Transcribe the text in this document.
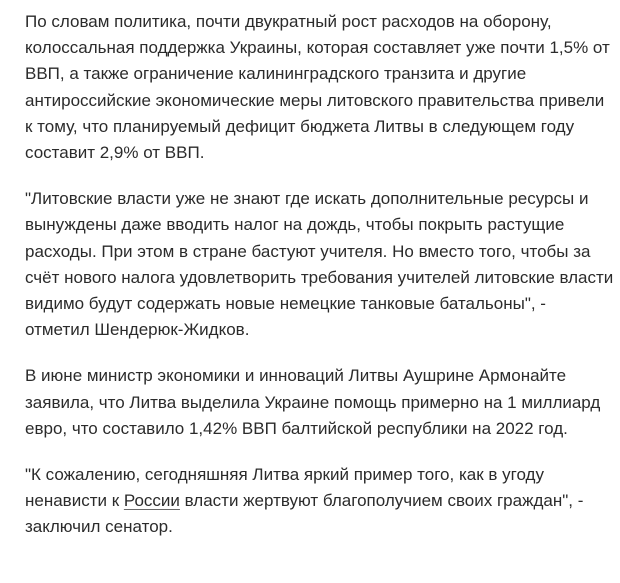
По словам политика, почти двукратный рост расходов на оборону, колоссальная поддержка Украины, которая составляет уже почти 1,5% от ВВП, а также ограничение калининградского транзита и другие антироссийские экономические меры литовского правительства привели к тому, что планируемый дефицит бюджета Литвы в следующем году составит 2,9% от ВВП.

"Литовские власти уже не знают где искать дополнительные ресурсы и вынуждены даже вводить налог на дождь, чтобы покрыть растущие расходы. При этом в стране бастуют учителя. Но вместо того, чтобы за счёт нового налога удовлетворить требования учителей литовские власти видимо будут содержать новые немецкие танковые батальоны", - отметил Шендерюк-Жидков.

В июне министр экономики и инноваций Литвы Аушрине Армонайте заявила, что Литва выделила Украине помощь примерно на 1 миллиард евро, что составило 1,42% ВВП балтийской республики на 2022 год.

"К сожалению, сегодняшняя Литва яркий пример того, как в угоду ненависти к России власти жертвуют благополучием своих граждан", - заключил сенатор.
